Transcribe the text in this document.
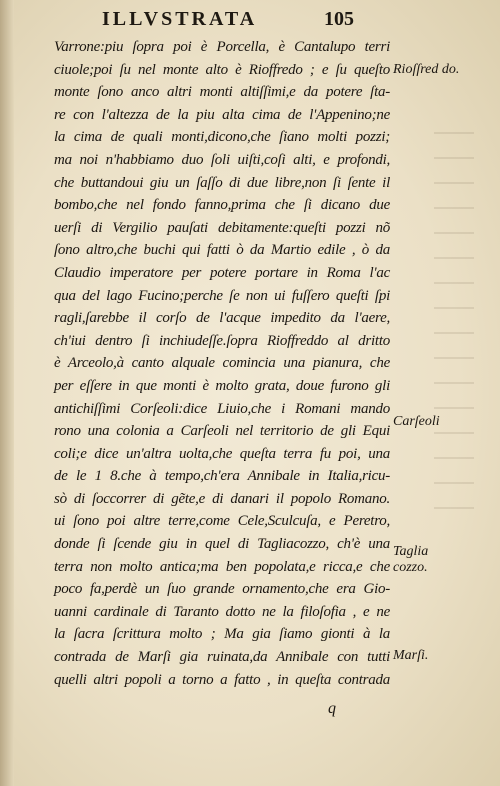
ILLVSTRATA	105
Varrone:piu ſopra poi è Porcella, è Cantalupo terri
ciuole;poi ſu nel monte alto è Rioffredo ; e ſu queſto
monte ſono anco altri monti altiſſimi,e da potere ſta-
re con l'altezza de la piu alta cima de l'Appenino;ne
la cima de quali monti,dicono,che ſiano molti pozzi;
ma noi n'habbiamo duo ſoli uiſti,coſi alti, e profondi,
che buttandoui giu un ſaſſo di due libre,non ſi ſente il
bombo,che nel fondo fanno,prima che ſi dicano due
uerſi di Vergilio pauſati debitamente:queſti pozzi nõ
ſono altro,che buchi qui fatti ò da Martio edile , ò da
Claudio imperatore per potere portare in Roma l'ac
qua del lago Fucino;perche ſe non ui fuſſero queſti ſpi
ragli,ſarebbe il corſo de l'acque impedito da l'aere,
ch'iui dentro ſi inchiudeſſe.ſopra Rioffreddo al dritto
è Arceolo,à canto alquale comincia una pianura, che
per eſſere in que monti è molto grata, doue furono gli
antichiſſimi Corſeoli:dice Liuio,che i Romani mando
rono una colonia a Carſeoli nel territorio de gli Equi
coli;e dice un'altra uolta,che queſta terra fu poi, una
de le 1 8.che à tempo,ch'era Annibale in Italia,ricu-
sò di ſoccorrer di gẽte,e di danari il popolo Romano.
ui ſono poi altre terre,come Cele,Sculcuſa, e Peretro,
donde ſi ſcende giu in quel di Tagliacozzo, ch'è una
terra non molto antica;ma ben popolata,e ricca,e che
poco fa,perdè un ſuo grande ornamento,che era Gio-
uanni cardinale di Taranto dotto ne la filoſofia , e ne
la ſacra ſcrittura molto ; Ma gia ſiamo gionti à la
contrada de Marſi gia ruinata,da Annibale con tutti
quelli altri popoli a torno a fatto , in queſta contrada
Rioſſred do.
Carſeoli
Taglia cozzo.
Marſi.
q
